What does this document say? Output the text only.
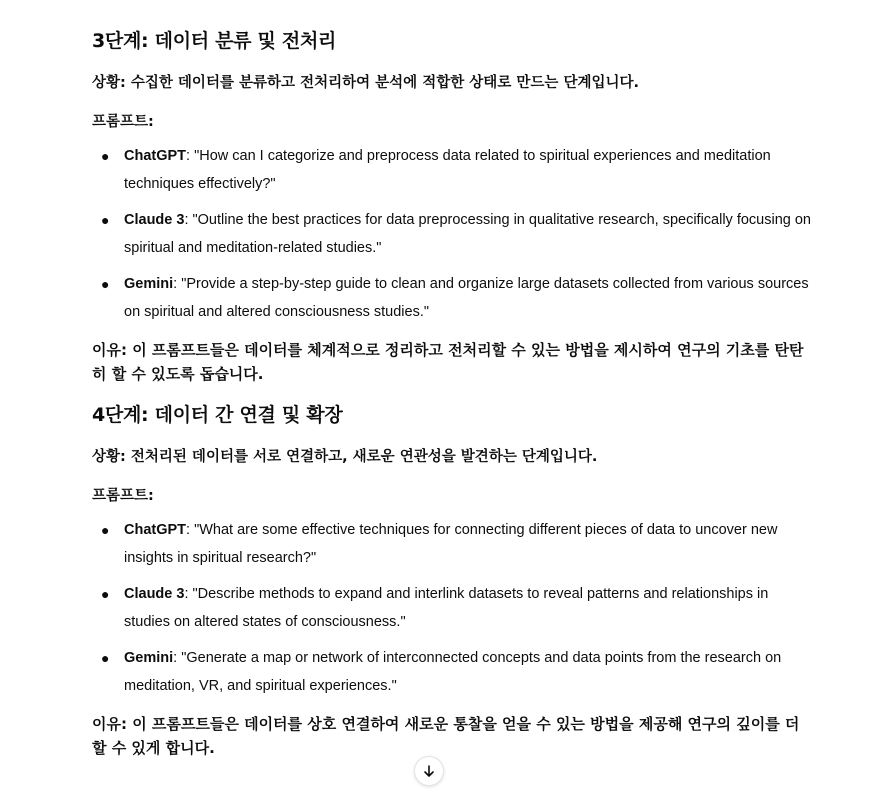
3단계: 데이터 분류 및 전처리

상황: 수집한 데이터를 분류하고 전처리하여 분석에 적합한 상태로 만드는 단계입니다.

프롬프트:

● ChatGPT: "How can I categorize and preprocess data related to spiritual experiences and meditation techniques effectively?"
● Claude 3: "Outline the best practices for data preprocessing in qualitative research, specifically focusing on spiritual and meditation-related studies."
● Gemini: "Provide a step-by-step guide to clean and organize large datasets collected from various sources on spiritual and altered consciousness studies."

이유: 이 프롬프트들은 데이터를 체계적으로 정리하고 전처리할 수 있는 방법을 제시하여 연구의 기초를 탄탄히 할 수 있도록 돕습니다.

4단계: 데이터 간 연결 및 확장

상황: 전처리된 데이터를 서로 연결하고, 새로운 연관성을 발견하는 단계입니다.

프롬프트:

● ChatGPT: "What are some effective techniques for connecting different pieces of data to uncover new insights in spiritual research?"
● Claude 3: "Describe methods to expand and interlink datasets to reveal patterns and relationships in studies on altered states of consciousness."
● Gemini: "Generate a map or network of interconnected concepts and data points from the research on meditation, VR, and spiritual experiences."

이유: 이 프롬프트들은 데이터를 상호 연결하여 새로운 통찰을 얻을 수 있는 방법을 제공해 연구의 깊이를 더할 수 있게 합니다.
